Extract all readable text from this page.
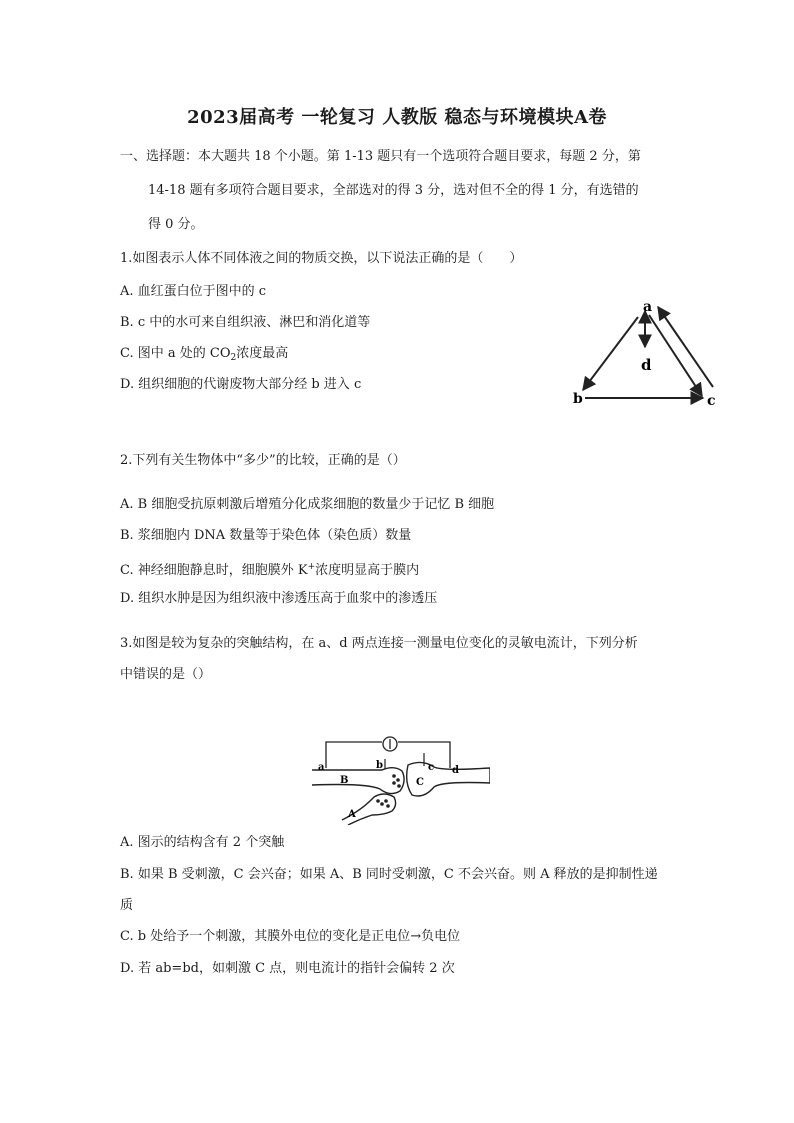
2023届高考 一轮复习 人教版 稳态与环境模块A卷
一、选择题：本大题共 18 个小题。第 1-13 题只有一个选项符合题目要求，每题 2 分，第
14-18 题有多项符合题目要求，全部选对的得 3 分，选对但不全的得 1 分，有选错的
得 0 分。
1.如图表示人体不同体液之间的物质交换，以下说法正确的是（　　）
A. 血红蛋白位于图中的 c
B. c 中的水可来自组织液、淋巴和消化道等
C. 图中 a 处的 $CO_2$浓度最高
D. 组织细胞的代谢废物大部分经 b 进入 c
a
b	c
d
2.下列有关生物体中“多少”的比较，正确的是（）
A. B 细胞受抗原刺激后增殖分化成浆细胞的数量少于记忆 B 细胞
B. 浆细胞内 DNA 数量等于染色体（染色质）数量
C. 神经细胞静息时，细胞膜外 K+浓度明显高于膜内
D. 组织水肿是因为组织液中渗透压高于血浆中的渗透压
3.如图是较为复杂的突触结构，在 a、d 两点连接一测量电位变化的灵敏电流计，下列分析
中错误的是（）
a	b	c d
B
A
C
A. 图示的结构含有 2 个突触
B. 如果 B 受刺激，C 会兴奋；如果 A、B 同时受刺激，C 不会兴奋。则 A 释放的是抑制性递
质
C. b 处给予一个刺激，其膜外电位的变化是正电位→负电位
D. 若 ab=bd，如刺激 C 点，则电流计的指针会偏转 2 次
